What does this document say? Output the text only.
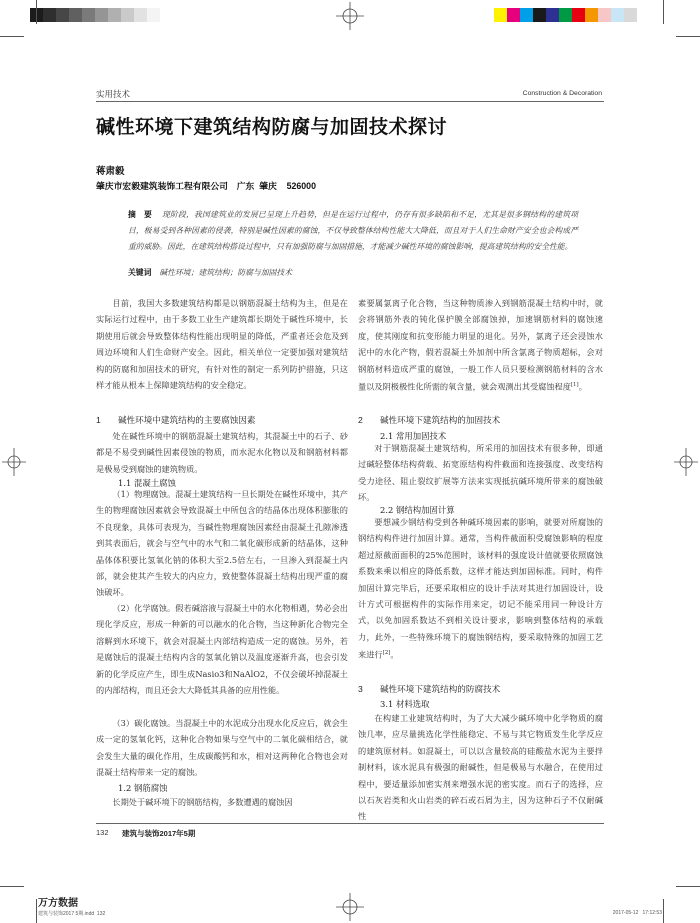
实用技术	Construction & Decoration
碱性环境下建筑结构防腐与加固技术探讨
蒋肃毅
肇庆市宏毅建筑装饰工程有限公司　广东  肇庆    526000
摘　要 现阶段，我国建筑业的发展已呈现上升趋势，但是在运行过程中，仍存有很多缺陷和不足，尤其是很多钢结构的建筑项目，极易受到各种因素的侵袭，特别是碱性因素的腐蚀，不仅导致整体结构性能大大降低，而且对于人们生命财产安全也会构成严重的威胁。因此，在建筑结构搭设过程中，只有加强防腐与加固措施，才能减少碱性环境的腐蚀影响，提高建筑结构的安全性能。
关键词 碱性环境；建筑结构；防腐与加固技术

目前，我国大多数建筑结构都是以钢筋混凝土结构为主，但是在实际运行过程中，由于多数工业生产建筑都长期处于碱性环境中，长期使用后就会导致整体结构性能出现明显的降低，严重者还会危及到周边环境和人们生命财产安全。因此，相关单位一定要加强对建筑结构的防腐和加固技术的研究，有针对性的制定一系列防护措施，只这样才能从根本上保障建筑结构的安全稳定。

1　　碱性环境中建筑结构的主要腐蚀因素

处在碱性环境中的钢筋混凝土建筑结构，其混凝土中的石子、砂都是不易受到碱性因素侵蚀的物质，而水泥水化物以及和钢筋材料都是极易受到腐蚀的建筑物质。

1.1 混凝土腐蚀

（1）物理腐蚀。混凝土建筑结构一旦长期处在碱性环境中，其产生的物理腐蚀因素就会导致混凝土中所包含的结晶体出现体积膨胀的不良现象，具体可表现为，当碱性物理腐蚀因素经由混凝土孔隙渗透到其表面后，就会与空气中的水气和二氧化碳形成新的结晶体，这种晶体体积要比氢氧化钠的体积大至2.5倍左右，一旦渗入到混凝土内部，就会使其产生较大的内应力，致使整体混凝土结构出现严重的腐蚀破坏。

（2）化学腐蚀。假若碱溶液与混凝土中的水化物相遇，势必会出现化学反应，形成一种新的可以融水的化合物，当这种新化合物完全溶解到水环境下，就会对混凝土内部结构造成一定的腐蚀。另外，若是腐蚀后的混凝土结构内含的氢氧化钠以及温度逐渐升高，也会引发新的化学反应产生，即生成Nasio3和NaAlO2，不仅会破坏掉混凝土的内部结构，而且还会大大降低其具备的应用性能。

（3）碳化腐蚀。当混凝土中的水泥成分出现水化反应后，就会生成一定的氢氧化钙，这种化合物如果与空气中的二氧化碳相结合，就会发生大量的碳化作用，生成碳酸钙和水，相对这两种化合物也会对混凝土结构带来一定的腐蚀。

1.2 钢筋腐蚀

长期处于碱环境下的钢筋结构，多数遭遇的腐蚀因

素要属氯离子化合物，当这种物质渗入到钢筋混凝土结构中时，就会将钢筋外表的钝化保护膜全部腐蚀掉，加速钢筋材料的腐蚀速度，使其刚度和抗变形能力明显的退化。另外，氯离子还会浸蚀水泥中的水化产物，假若混凝土外加剂中所含氯离子物质超标，会对钢筋材料造成严重的腐蚀，一般工作人员只要检测钢筋材料的含水量以及阴极极性化所需的氧含量，就会观测出其受腐蚀程度[1]。

2　　碱性环境下建筑结构的加固技术
2.1 常用加固技术

对于钢筋混凝土建筑结构，所采用的加固技术有很多种，即通过碱轻整体结构荷载、拓宽原结构构件截面和连接强度、改变结构受力途径、阻止裂纹扩展等方法来实现抵抗碱环境所带来的腐蚀破坏。

2.2 钢结构加固计算

要想减少钢结构受到各种碱环境因素的影响，就要对所腐蚀的钢结构构件进行加固计算。通常，当构件截面积受腐蚀影响的程度超过原截面面积的25%范围时，该材料的强度设计值就要依照腐蚀系数来乘以相应的降低系数，这样才能达到加固标准。同时，构件加固计算完毕后，还要采取相应的设计手法对其进行加固设计，设计方式可根据构件的实际作用来定，切记不能采用同一种设计方式，以免加固系数达不到相关设计要求，影响到整体结构的承载力，此外，一些特殊环境下的腐蚀钢结构，要采取特殊的加固工艺来进行[2]。

3　　碱性环境下建筑结构的防腐技术
3.1 材料选取

在构建工业建筑结构时，为了大大减少碱环境中化学物质的腐蚀几率，应尽量挑选化学性能稳定、不易与其它物质发生化学反应的建筑原材料。如混凝土，可以以含量较高的硅酸盐水泥为主要拌制材料，该水泥具有极强的耐碱性，但是极易与水融合，在使用过程中，要适量添加密实剂来增强水泥的密实度。而石子的选择，应以石灰岩类和火山岩类的碎石或石屑为主，因为这种石子不仅耐碱性

132 建筑与装饰2017年5期
万方数据
建筑与装饰2017 5期.indd  132	2017-05-12   17:12:53
